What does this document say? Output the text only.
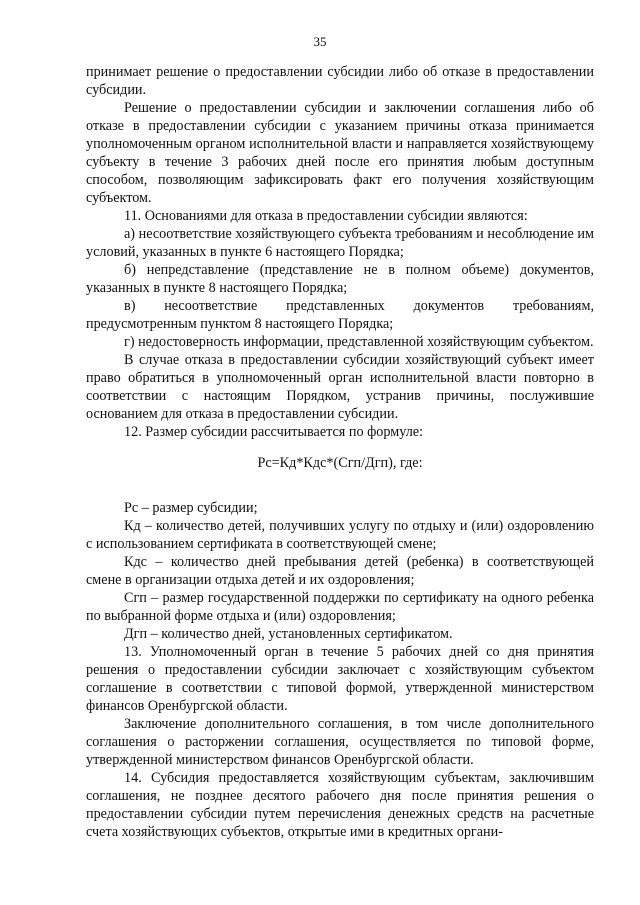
35

принимает решение о предоставлении субсидии либо об отказе в предоставлении субсидии.

Решение о предоставлении субсидии и заключении соглашения либо об отказе в предоставлении субсидии с указанием причины отказа принимается уполномоченным органом исполнительной власти и направляется хозяйствующему субъекту в течение 3 рабочих дней после его принятия любым доступным способом, позволяющим зафиксировать факт его получения хозяйствующим субъектом.

11. Основаниями для отказа в предоставлении субсидии являются:

а) несоответствие хозяйствующего субъекта требованиям и несоблюдение им условий, указанных в пункте 6 настоящего Порядка;

б) непредставление (представление не в полном объеме) документов, указанных в пункте 8 настоящего Порядка;

в) несоответствие представленных документов требованиям, предусмотренным пунктом 8 настоящего Порядка;

г) недостоверность информации, представленной хозяйствующим субъектом.

В случае отказа в предоставлении субсидии хозяйствующий субъект имеет право обратиться в уполномоченный орган исполнительной власти повторно в соответствии с настоящим Порядком, устранив причины, послужившие основанием для отказа в предоставлении субсидии.

12. Размер субсидии рассчитывается по формуле:

Рс=Кд*Кдс*(Сгп/Дгп), где:

Рс – размер субсидии;

Кд – количество детей, получивших услугу по отдыху и (или) оздоровлению с использованием сертификата в соответствующей смене;

Кдс – количество дней пребывания детей (ребенка) в соответствующей смене в организации отдыха детей и их оздоровления;

Сгп – размер государственной поддержки по сертификату на одного ребенка по выбранной форме отдыха и (или) оздоровления;

Дгп – количество дней, установленных сертификатом.

13. Уполномоченный орган в течение 5 рабочих дней со дня принятия решения о предоставлении субсидии заключает с хозяйствующим субъектом соглашение в соответствии с типовой формой, утвержденной министерством финансов Оренбургской области.

Заключение дополнительного соглашения, в том числе дополнительного соглашения о расторжении соглашения, осуществляется по типовой форме, утвержденной министерством финансов Оренбургской области.

14. Субсидия предоставляется хозяйствующим субъектам, заключившим соглашения, не позднее десятого рабочего дня после принятия решения о предоставлении субсидии путем перечисления денежных средств на расчетные счета хозяйствующих субъектов, открытые ими в кредитных органи-
